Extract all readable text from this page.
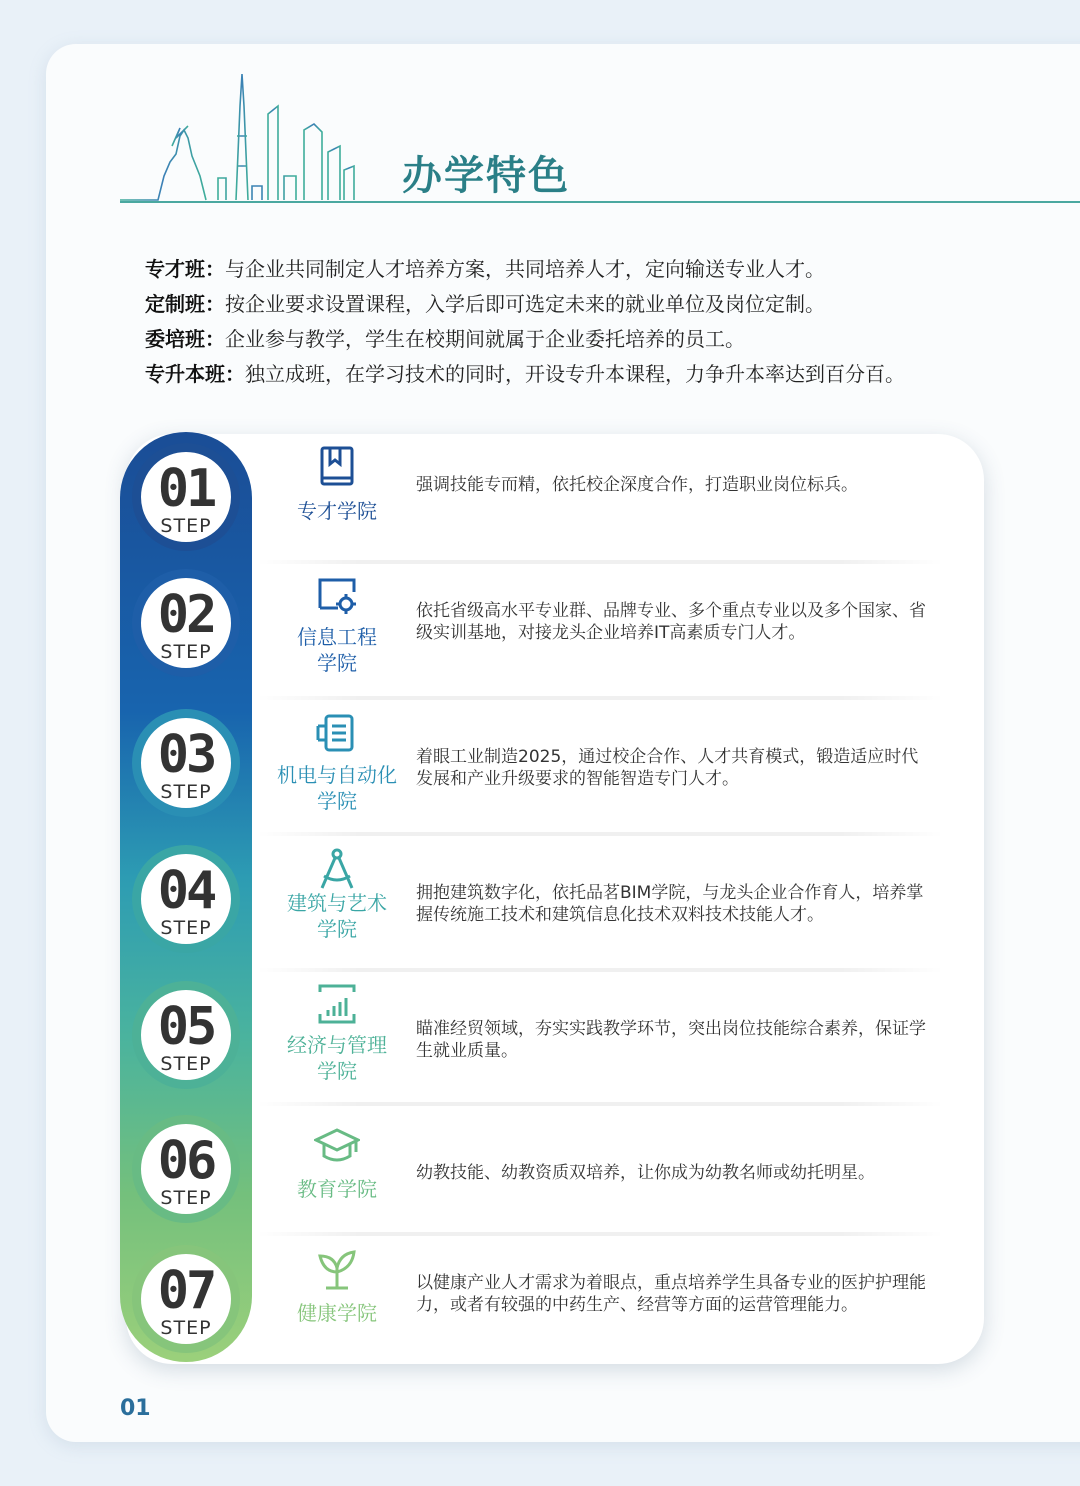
办学特色
专才班：与企业共同制定人才培养方案，共同培养人才，定向输送专业人才。
定制班：按企业要求设置课程，入学后即可选定未来的就业单位及岗位定制。
委培班：企业参与教学，学生在校期间就属于企业委托培养的员工。
专升本班：独立成班，在学习技术的同时，开设专升本课程，力争升本率达到百分百。
01
STEP
专才学院
强调技能专而精，依托校企深度合作，打造职业岗位标兵。
02
STEP
信息工程
学院
依托省级高水平专业群、品牌专业、多个重点专业以及多个国家、省级实训基地，对接龙头企业培养IT高素质专门人才。
03
STEP
机电与自动化
学院
着眼工业制造2025，通过校企合作、人才共育模式，锻造适应时代发展和产业升级要求的智能智造专门人才。
04
STEP
建筑与艺术
学院
拥抱建筑数字化，依托品茗BIM学院，与龙头企业合作育人，培养掌握传统施工技术和建筑信息化技术双料技术技能人才。
05
STEP
经济与管理
学院
瞄准经贸领域，夯实实践教学环节，突出岗位技能综合素养，保证学生就业质量。
06
STEP	教育学院
幼教技能、幼教资质双培养，让你成为幼教名师或幼托明星。
07
STEP
健康学院
以健康产业人才需求为着眼点，重点培养学生具备专业的医护护理能力，或者有较强的中药生产、经营等方面的运营管理能力。
01
